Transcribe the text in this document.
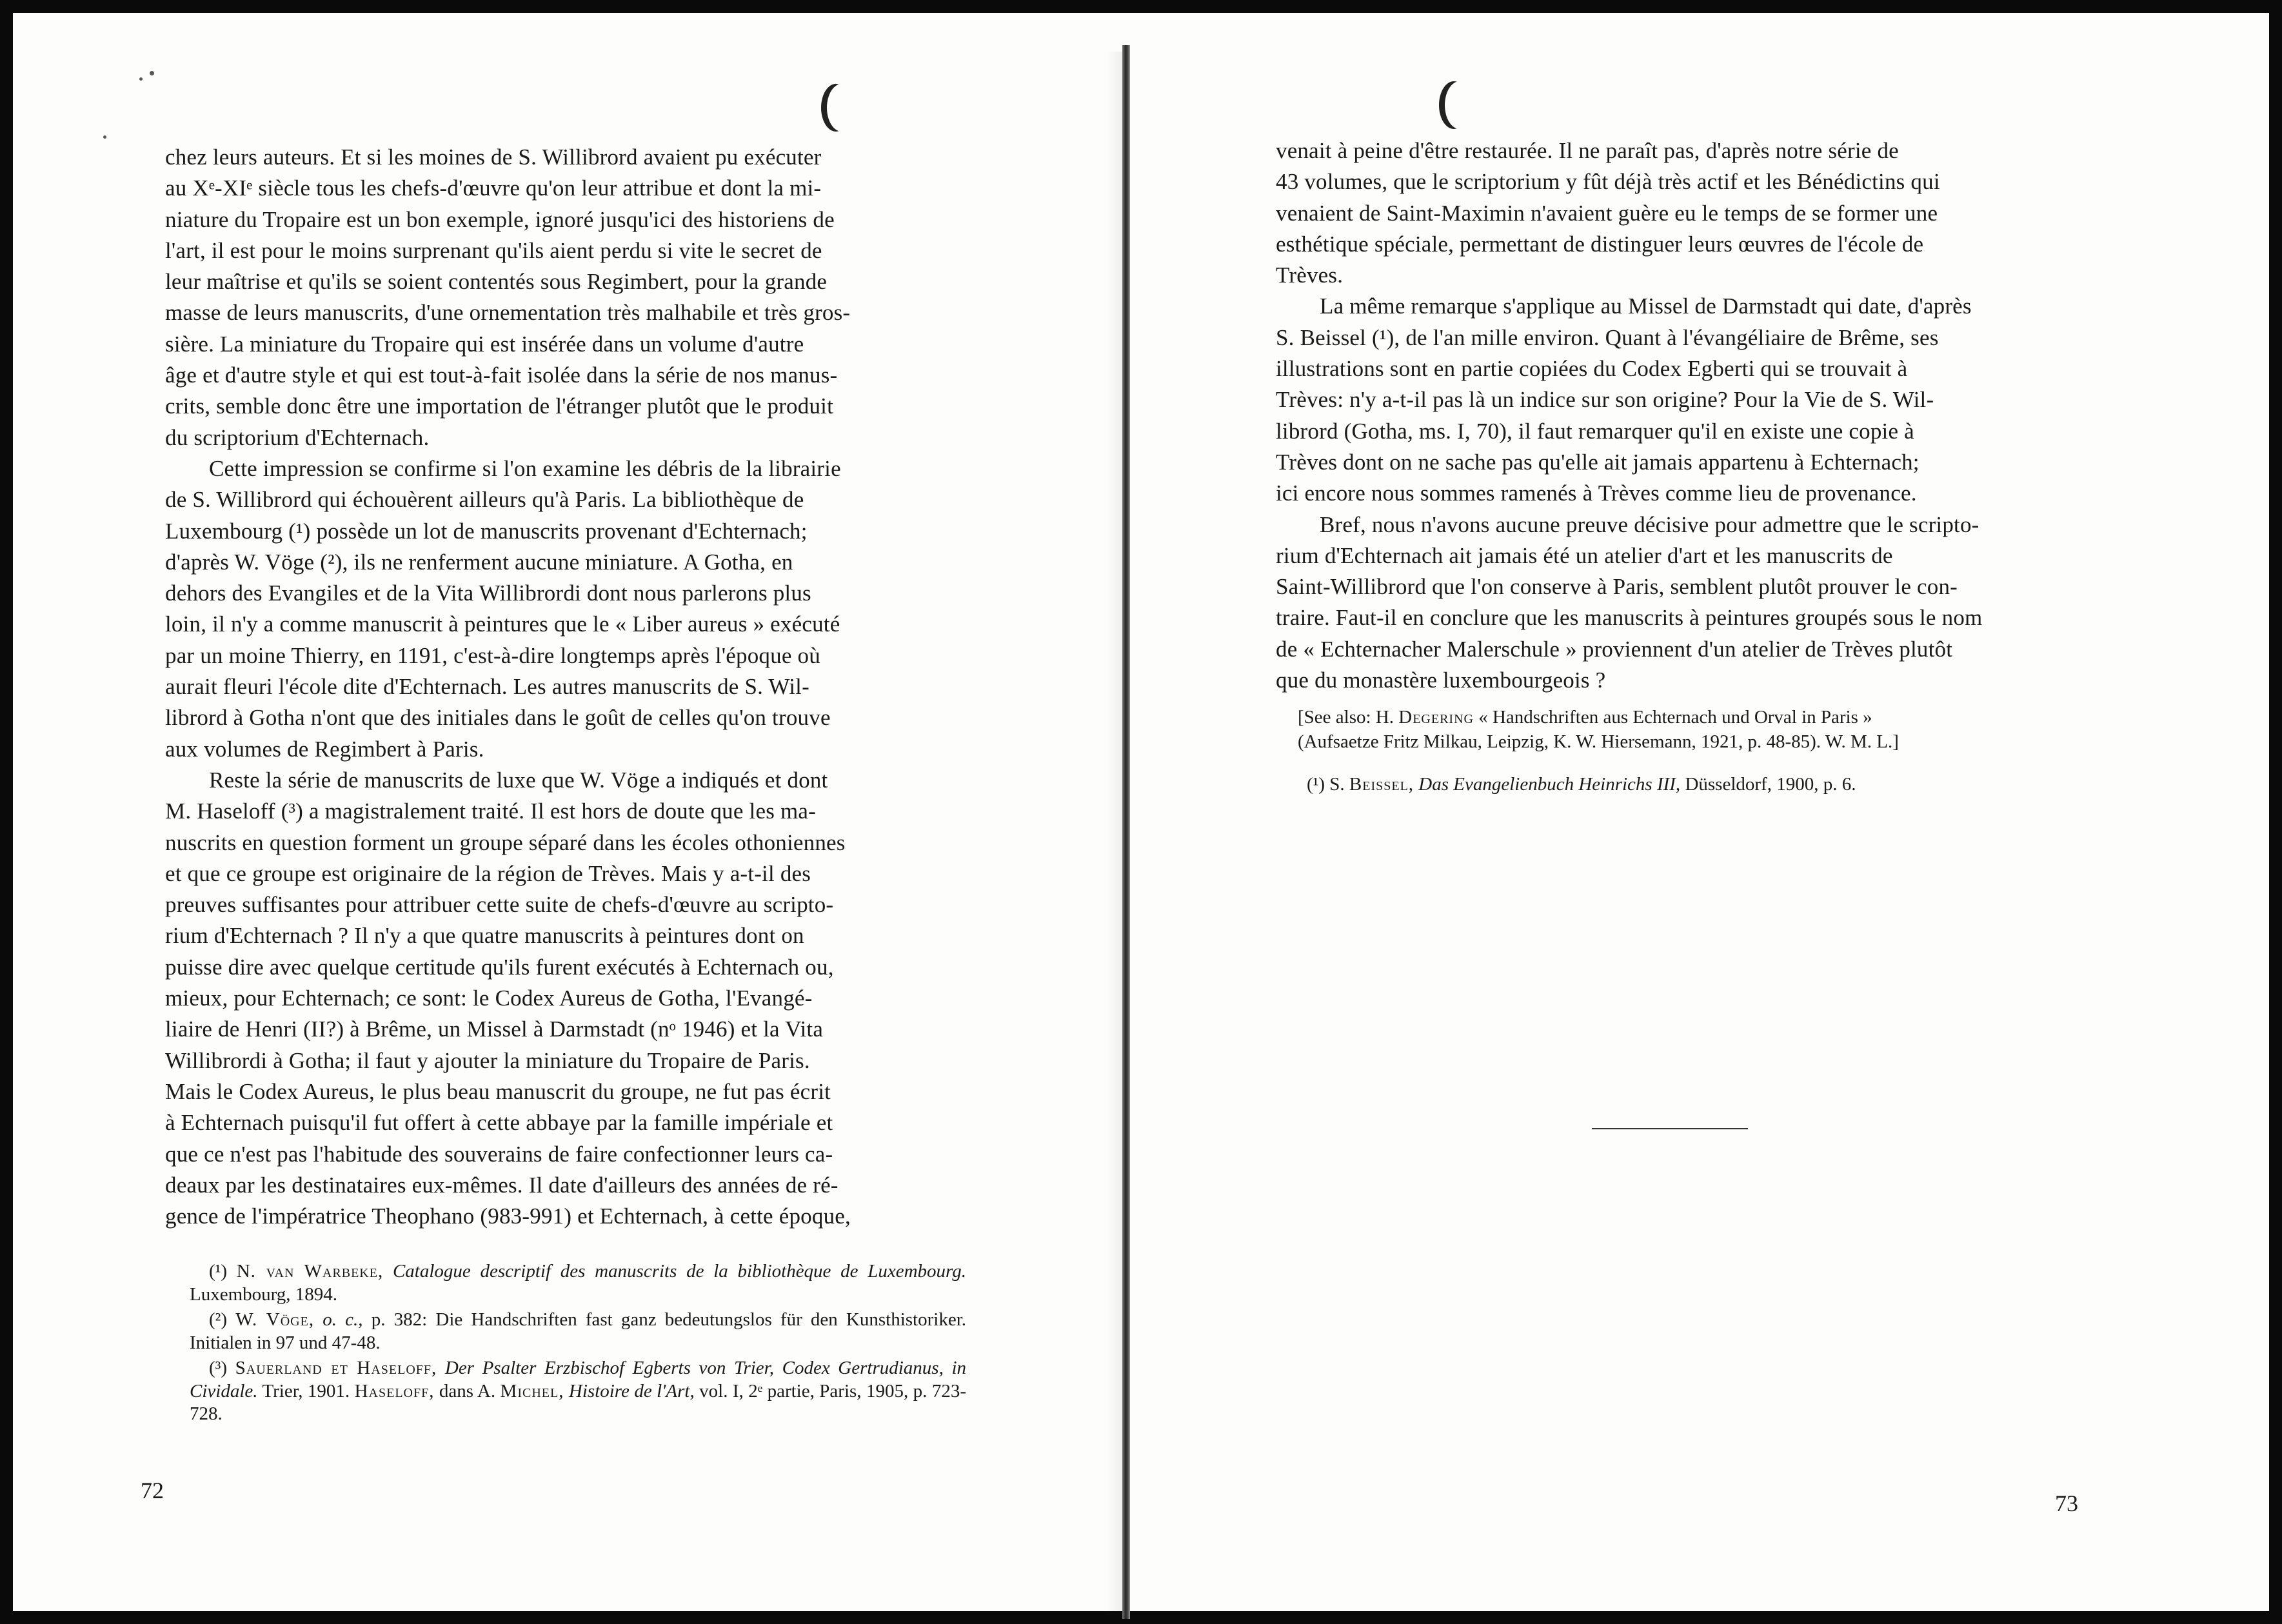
chez leurs auteurs. Et si les moines de S. Willibrord avaient pu exécuter
au Xᵉ-XIᵉ siècle tous les chefs-d'œuvre qu'on leur attribue et dont la mi-
niature du Tropaire est un bon exemple, ignoré jusqu'ici des historiens de
l'art, il est pour le moins surprenant qu'ils aient perdu si vite le secret de
leur maîtrise et qu'ils se soient contentés sous Regimbert, pour la grande
masse de leurs manuscrits, d'une ornementation très malhabile et très gros-
sière. La miniature du Tropaire qui est insérée dans un volume d'autre
âge et d'autre style et qui est tout-à-fait isolée dans la série de nos manus-
crits, semble donc être une importation de l'étranger plutôt que le produit
du scriptorium d'Echternach.

Cette impression se confirme si l'on examine les débris de la librairie
de S. Willibrord qui échouèrent ailleurs qu'à Paris. La bibliothèque de
Luxembourg (¹) possède un lot de manuscrits provenant d'Echternach;
d'après W. Vöge (²), ils ne renferment aucune miniature. A Gotha, en
dehors des Evangiles et de la Vita Willibrordi dont nous parlerons plus
loin, il n'y a comme manuscrit à peintures que le « Liber aureus » exécuté
par un moine Thierry, en 1191, c'est-à-dire longtemps après l'époque où
aurait fleuri l'école dite d'Echternach. Les autres manuscrits de S. Wil-
librord à Gotha n'ont que des initiales dans le goût de celles qu'on trouve
aux volumes de Regimbert à Paris.

Reste la série de manuscrits de luxe que W. Vöge a indiqués et dont
M. Haseloff (³) a magistralement traité. Il est hors de doute que les ma-
nuscrits en question forment un groupe séparé dans les écoles othoniennes
et que ce groupe est originaire de la région de Trèves. Mais y a-t-il des
preuves suffisantes pour attribuer cette suite de chefs-d'œuvre au scripto-
rium d'Echternach ? Il n'y a que quatre manuscrits à peintures dont on
puisse dire avec quelque certitude qu'ils furent exécutés à Echternach ou,
mieux, pour Echternach; ce sont: le Codex Aureus de Gotha, l'Evangé-
liaire de Henri (II?) à Brême, un Missel à Darmstadt (nᵒ 1946) et la Vita
Willibrordi à Gotha; il faut y ajouter la miniature du Tropaire de Paris.
Mais le Codex Aureus, le plus beau manuscrit du groupe, ne fut pas écrit
à Echternach puisqu'il fut offert à cette abbaye par la famille impériale et
que ce n'est pas l'habitude des souverains de faire confectionner leurs ca-
deaux par les destinataires eux-mêmes. Il date d'ailleurs des années de ré-
gence de l'impératrice Theophano (983-991) et Echternach, à cette époque,

(¹) N. van Warbeke, Catalogue descriptif des manuscrits de la bibliothèque de Luxembourg. Luxembourg, 1894.

(²) W. Vöge, o. c., p. 382: Die Handschriften fast ganz bedeutungslos für den Kunsthistoriker. Initialen in 97 und 47-48.

(³) Sauerland et Haseloff, Der Psalter Erzbischof Egberts von Trier, Codex Gertrudianus, in Cividale. Trier, 1901. Haseloff, dans A. Michel, Histoire de l'Art, vol. I, 2ᵉ partie, Paris, 1905, p. 723-728.

72

venait à peine d'être restaurée. Il ne paraît pas, d'après notre série de
43 volumes, que le scriptorium y fût déjà très actif et les Bénédictins qui
venaient de Saint-Maximin n'avaient guère eu le temps de se former une
esthétique spéciale, permettant de distinguer leurs œuvres de l'école de
Trèves.

La même remarque s'applique au Missel de Darmstadt qui date, d'après
S. Beissel (¹), de l'an mille environ. Quant à l'évangéliaire de Brême, ses
illustrations sont en partie copiées du Codex Egberti qui se trouvait à
Trèves: n'y a-t-il pas là un indice sur son origine? Pour la Vie de S. Wil-
librord (Gotha, ms. I, 70), il faut remarquer qu'il en existe une copie à
Trèves dont on ne sache pas qu'elle ait jamais appartenu à Echternach;
ici encore nous sommes ramenés à Trèves comme lieu de provenance.

Bref, nous n'avons aucune preuve décisive pour admettre que le scripto-
rium d'Echternach ait jamais été un atelier d'art et les manuscrits de
Saint-Willibrord que l'on conserve à Paris, semblent plutôt prouver le con-
traire. Faut-il en conclure que les manuscrits à peintures groupés sous le nom
de « Echternacher Malerschule » proviennent d'un atelier de Trèves plutôt
que du monastère luxembourgeois ?

[See also: H. Degering « Handschriften aus Echternach und Orval in Paris »
(Aufsaetze Fritz Milkau, Leipzig, K. W. Hiersemann, 1921, p. 48-85). W. M. L.]

(¹) S. Beissel, Das Evangelienbuch Heinrichs III, Düsseldorf, 1900, p. 6.

73
